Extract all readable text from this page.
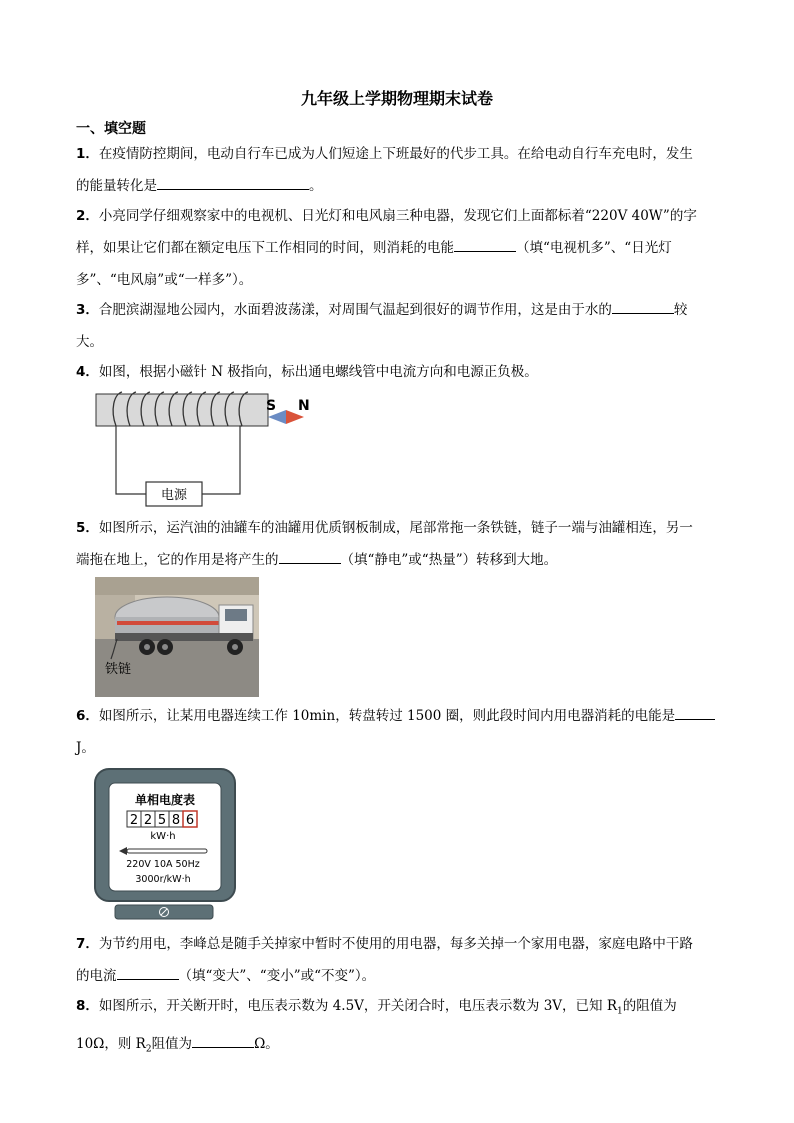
九年级上学期物理期末试卷
一、填空题
1．在疫情防控期间，电动自行车已成为人们短途上下班最好的代步工具。在给电动自行车充电时，发生
的能量转化是	。
2．小亮同学仔细观察家中的电视机、日光灯和电风扇三种电器，发现它们上面都标着“220V 40W”的字
样，如果让它们都在额定电压下工作相同的时间，则消耗的电能	（填“电视机多”、“日光灯
多”、“电风扇”或“一样多”）。
3．合肥滨湖湿地公园内，水面碧波荡漾，对周围气温起到很好的调节作用，这是由于水的	较
大。
4．如图，根据小磁针 N 极指向，标出通电螺线管中电流方向和电源正负极。
电源
S N
5．如图所示，运汽油的油罐车的油罐用优质钢板制成，尾部常拖一条铁链，链子一端与油罐相连，另一
端拖在地上，它的作用是将产生的	（填“静电”或“热量”）转移到大地。
铁链
6．如图所示，让某用电器连续工作 10min，转盘转过 1500 圈，则此段时间内用电器消耗的电能是
J。
单相电度表
2 2 5 8 6
kW·h
220V 10A 50Hz
3000r/kW·h
7．为节约用电，李峰总是随手关掉家中暂时不使用的用电器，每多关掉一个家用电器，家庭电路中干路
的电流	（填“变大”、“变小”或“不变”）。
8．如图所示，开关断开时，电压表示数为 4.5V，开关闭合时，电压表示数为 3V，已知 $R_1$的阻值为
10Ω，则 $R_2$阻值为	Ω。
